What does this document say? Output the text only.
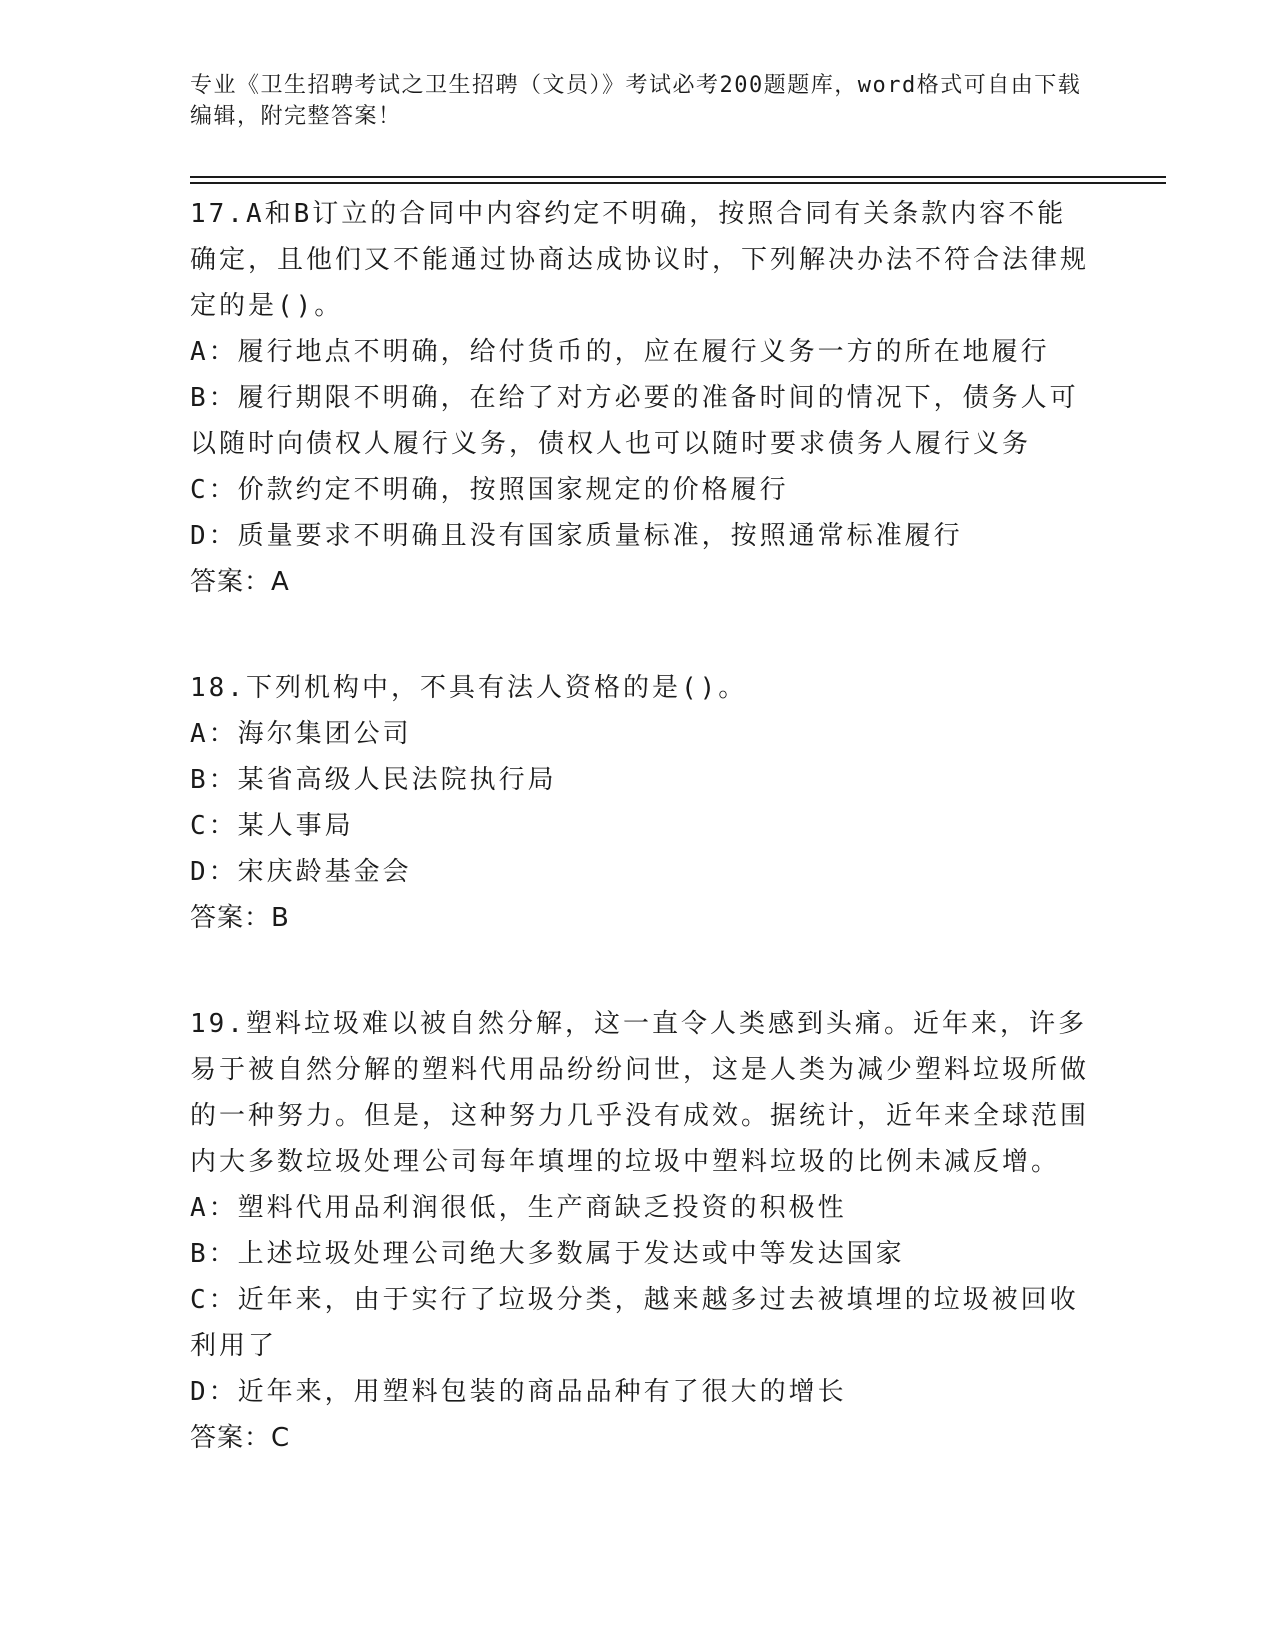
专业《卫生招聘考试之卫生招聘（文员）》考试必考200题题库，word格式可自由下载编辑，附完整答案！

17.A和B订立的合同中内容约定不明确，按照合同有关条款内容不能确定，且他们又不能通过协商达成协议时，下列解决办法不符合法律规定的是()。

A：履行地点不明确，给付货币的，应在履行义务一方的所在地履行

B：履行期限不明确，在给了对方必要的准备时间的情况下，债务人可以随时向债权人履行义务，债权人也可以随时要求债务人履行义务

C：价款约定不明确，按照国家规定的价格履行

D：质量要求不明确且没有国家质量标准，按照通常标准履行

答案：A

18.下列机构中，不具有法人资格的是()。

A：海尔集团公司

B：某省高级人民法院执行局

C：某人事局

D：宋庆龄基金会

答案：B

19.塑料垃圾难以被自然分解，这一直令人类感到头痛。近年来，许多易于被自然分解的塑料代用品纷纷问世，这是人类为减少塑料垃圾所做的一种努力。但是，这种努力几乎没有成效。据统计，近年来全球范围内大多数垃圾处理公司每年填埋的垃圾中塑料垃圾的比例未减反增。

A：塑料代用品利润很低，生产商缺乏投资的积极性

B：上述垃圾处理公司绝大多数属于发达或中等发达国家

C：近年来，由于实行了垃圾分类，越来越多过去被填埋的垃圾被回收利用了

D：近年来，用塑料包装的商品品种有了很大的增长

答案：C
